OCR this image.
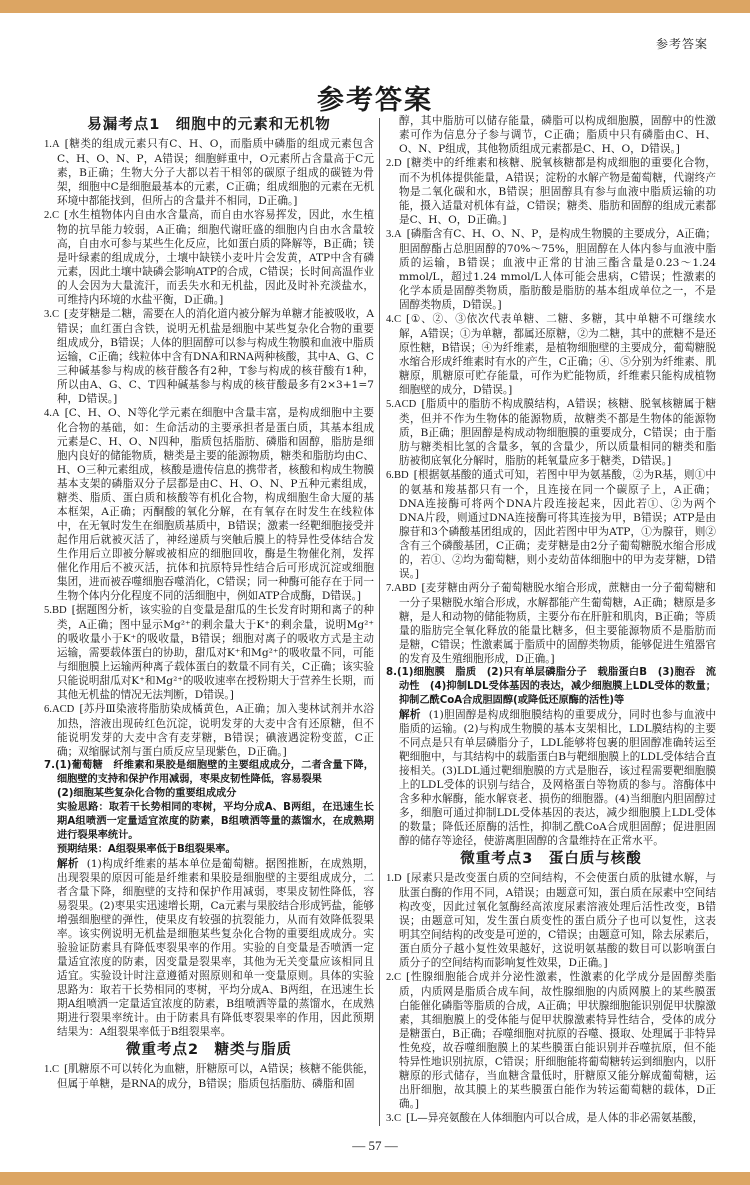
参考答案
参考答案
易漏考点1　细胞中的元素和无机物
1.A [糖类的组成元素只有C、H、O，而脂质中磷脂的组成元素包含C、H、O、N、P，A错误；细胞鲜重中，O元素所占含量高于C元素，B正确；生物大分子大都以若干相邻的碳原子组成的碳链为骨架，细胞中C是细胞最基本的元素，C正确；组成细胞的元素在无机环境中都能找到，但所占的含量并不相同，D正确。]
2.C [水生植物体内自由水含量高，而自由水容易挥发，因此，水生植物的抗旱能力较弱，A正确；细胞代谢旺盛的细胞内自由水含量较高，自由水可参与某些生化反应，比如蛋白质的降解等，B正确；镁是叶绿素的组成成分，土壤中缺镁小麦叶片会发黄，ATP中含有磷元素，因此土壤中缺磷会影响ATP的合成，C错误；长时间高温作业的人会因为大量流汗，而丢失水和无机盐，因此及时补充淡盐水，可维持内环境的水盐平衡，D正确。]
3.C [麦芽糖是二糖，需要在人的消化道内被分解为单糖才能被吸收，A错误；血红蛋白含铁，说明无机盐是细胞中某些复杂化合物的重要组成成分，B错误；人体的胆固醇可以参与构成生物膜和血液中脂质运输，C正确；线粒体中含有DNA和RNA两种核酸，其中A、G、C三种碱基参与构成的核苷酸各有2种，T参与构成的核苷酸有1种，所以由A、G、C、T四种碱基参与构成的核苷酸最多有2×3+1=7种，D错误。]
4.A [C、H、O、N等化学元素在细胞中含量丰富，是构成细胞中主要化合物的基础，如：生命活动的主要承担者是蛋白质，其基本组成元素是C、H、O、N四种，脂质包括脂肪、磷脂和固醇，脂肪是细胞内良好的储能物质，糖类是主要的能源物质，糖类和脂肪均由C、H、O三种元素组成，核酸是遗传信息的携带者，核酸和构成生物膜基本支架的磷脂双分子层都是由C、H、O、N、P五种元素组成，糖类、脂质、蛋白质和核酸等有机化合物，构成细胞生命大厦的基本框架，A正确；丙酮酸的氧化分解，在有氧存在时发生在线粒体中，在无氧时发生在细胞质基质中，B错误；激素一经靶细胞接受并起作用后就被灭活了，神经递质与突触后膜上的特异性受体结合发生作用后立即被分解或被相应的细胞回收，酶是生物催化剂，发挥催化作用后不被灭活，抗体和抗原特异性结合后可形成沉淀或细胞集团，进而被吞噬细胞吞噬消化，C错误；同一种酶可能存在于同一生物个体内分化程度不同的活细胞中，例如ATP合成酶，D错误。]
5.BD [据题图分析，该实验的自变量是甜瓜的生长发育时期和离子的种类，A正确；图中显示Mg²⁺的剩余量大于K⁺的剩余量，说明Mg²⁺的吸收量小于K⁺的吸收量，B错误；细胞对离子的吸收方式是主动运输，需要载体蛋白的协助，甜瓜对K⁺和Mg²⁺的吸收量不同，可能与细胞膜上运输两种离子载体蛋白的数量不同有关，C正确；该实验只能说明甜瓜对K⁺和Mg²⁺的吸收速率在授粉期大于营养生长期，而其他无机盐的情况无法判断，D错误。]
6.ACD [苏丹Ⅲ染液将脂肪染成橘黄色，A正确；加入斐林试剂并水浴加热，溶液出现砖红色沉淀，说明发芽的大麦中含有还原糖，但不能说明发芽的大麦中含有麦芽糖，B错误；碘液遇淀粉变蓝，C正确；双缩脲试剂与蛋白质反应呈现紫色，D正确。]
7.(1)葡萄糖　纤维素和果胶是细胞壁的主要组成成分，二者含量下降，细胞壁的支持和保护作用减弱，枣果皮韧性降低，容易裂果
(2)细胞某些复杂化合物的重要组成成分
实验思路：取若干长势相同的枣树，平均分成A、B两组，在迅速生长期A组喷洒一定量适宜浓度的防素，B组喷洒等量的蒸馏水，在成熟期进行裂果率统计。
预期结果：A组裂果率低于B组裂果率。
解析 (1)构成纤维素的基本单位是葡萄糖。据图推断，在成熟期，出现裂果的原因可能是纤维素和果胶是细胞壁的主要组成成分，二者含量下降，细胞壁的支持和保护作用减弱，枣果皮韧性降低，容易裂果。(2)枣果实迅速增长期，Ca元素与果胶结合形成钙盐，能够增强细胞壁的弹性，使果皮有较强的抗裂能力，从而有效降低裂果率。该实例说明无机盐是细胞某些复杂化合物的重要组成成分。实验验证防素具有降低枣裂果率的作用。实验的自变量是否喷洒一定量适宜浓度的防素，因变量是裂果率，其他为无关变量应该相同且适宜。实验设计时注意遵循对照原则和单一变量原则。具体的实验思路为：取若干长势相同的枣树，平均分成A、B两组，在迅速生长期A组喷洒一定量适宜浓度的防素，B组喷洒等量的蒸馏水，在成熟期进行裂果率统计。由于防素具有降低枣裂果率的作用，因此预期结果为：A组裂果率低于B组裂果率。
微重考点2　糖类与脂质
1.C [肌糖原不可以转化为血糖，肝糖原可以，A错误；核糖不能供能，但属于单糖，是RNA的成分，B错误；脂质包括脂肪、磷脂和固
醇，其中脂肪可以储存能量，磷脂可以构成细胞膜，固醇中的性激素可作为信息分子参与调节，C正确；脂质中只有磷脂由C、H、O、N、P组成，其他物质组成元素都是C、H、O，D错误。]
2.D [糖类中的纤维素和核糖、脱氧核糖都是构成细胞的重要化合物，而不为机体提供能量，A错误；淀粉的水解产物是葡萄糖，代谢终产物是二氧化碳和水，B错误；胆固醇具有参与血液中脂质运输的功能，摄入适量对机体有益，C错误；糖类、脂肪和固醇的组成元素都是C、H、O，D正确。]
3.A [磷脂含有C、H、O、N、P，是构成生物膜的主要成分，A正确；胆固醇酯占总胆固醇的70%～75%，胆固醇在人体内参与血液中脂质的运输，B错误；血液中正常的甘油三酯含量是0.23～1.24 mmol/L，超过1.24 mmol/L人体可能会患病，C错误；性激素的化学本质是固醇类物质，脂肪酸是脂肪的基本组成单位之一，不是固醇类物质，D错误。]
4.C [①、②、③依次代表单糖、二糖、多糖，其中单糖不可继续水解，A错误；①为单糖，都属还原糖，②为二糖，其中的蔗糖不是还原性糖，B错误；④为纤维素，是植物细胞壁的主要成分，葡萄糖脱水缩合形成纤维素时有水的产生，C正确；④、⑤分别为纤维素、肌糖原，肌糖原可贮存能量，可作为贮能物质，纤维素只能构成植物细胞壁的成分，D错误。]
5.ACD [脂质中的脂肪不构成膜结构，A错误；核糖、脱氧核糖属于糖类，但并不作为生物体的能源物质，故糖类不都是生物体的能源物质，B正确；胆固醇是构成动物细胞膜的重要成分，C错误；由于脂肪与糖类相比氢的含量多，氧的含量少，所以质量相同的糖类和脂肪被彻底氧化分解时，脂肪的耗氧量应多于糖类，D错误。]
6.BD [根据氨基酸的通式可知，若图中甲为氨基酸，②为R基，则①中的氨基和羧基都只有一个，且连接在同一个碳原子上，A正确；DNA连接酶可将两个DNA片段连接起来，因此若①、②为两个DNA片段，则通过DNA连接酶可将其连接为甲，B错误；ATP是由腺苷和3个磷酸基团组成的，因此若图中甲为ATP，①为腺苷，则②含有三个磷酸基团，C正确；麦芽糖是由2分子葡萄糖脱水缩合形成的，若①、②均为葡萄糖，则小麦幼苗体细胞中的甲为麦芽糖，D错误。]
7.ABD [麦芽糖由两分子葡萄糖脱水缩合形成，蔗糖由一分子葡萄糖和一分子果糖脱水缩合形成，水解都能产生葡萄糖，A正确；糖原是多糖，是人和动物的储能物质，主要分布在肝脏和肌肉，B正确；等质量的脂肪完全氧化释放的能量比糖多，但主要能源物质不是脂肪而是糖，C错误；性激素属于脂质中的固醇类物质，能够促进生殖器官的发育及生殖细胞形成，D正确。]
8.(1)细胞膜　脂质　(2)只有单层磷脂分子　载脂蛋白B　(3)胞吞　流动性　(4)抑制LDL受体基因的表达，减少细胞膜上LDL受体的数量；抑制乙酰CoA合成胆固醇(或降低还原酶的活性)等
解析 (1)胆固醇是构成细胞膜结构的重要成分，同时也参与血液中脂质的运输。(2)与构成生物膜的基本支架相比，LDL膜结构的主要不同点是只有单层磷脂分子，LDL能够将包裹的胆固醇准确转运至靶细胞中，与其结构中的载脂蛋白B与靶细胞膜上的LDL受体结合直接相关。(3)LDL通过靶细胞膜的方式是胞吞，该过程需要靶细胞膜上的LDL受体的识别与结合，及网格蛋白等物质的参与。溶酶体中含多种水解酶，能水解衰老、损伤的细胞器。(4)当细胞内胆固醇过多，细胞可通过抑制LDL受体基因的表达，减少细胞膜上LDL受体的数量；降低还原酶的活性，抑制乙酰CoA合成胆固醇；促进胆固醇的储存等途径，使游离胆固醇的含量维持在正常水平。
微重考点3　蛋白质与核酸
1.D [尿素只是改变蛋白质的空间结构，不会使蛋白质的肽键水解，与肽蛋白酶的作用不同，A错误；由题意可知，蛋白质在尿素中空间结构改变，因此过氧化氢酶经高浓度尿素溶液处理后活性改变，B错误；由题意可知，发生蛋白质变性的蛋白质分子也可以复性，这表明其空间结构的改变是可逆的，C错误；由题意可知，除去尿素后，蛋白质分子越小复性效果越好，这说明氨基酸的数目可以影响蛋白质分子的空间结构而影响复性效果，D正确。]
2.C [性腺细胞能合成并分泌性激素，性激素的化学成分是固醇类脂质，内质网是脂质合成车间，故性腺细胞的内质网膜上的某些膜蛋白能催化磷脂等脂质的合成，A正确；甲状腺细胞能识别促甲状腺激素，其细胞膜上的受体能与促甲状腺激素特异性结合，受体的成分是糖蛋白，B正确；吞噬细胞对抗原的吞噬、摄取、处理属于非特异性免疫，故吞噬细胞膜上的某些膜蛋白能识别并吞噬抗原，但不能特异性地识别抗原，C错误；肝细胞能将葡萄糖转运到细胞内，以肝糖原的形式储存，当血糖含量低时，肝糖原又能分解成葡萄糖，运出肝细胞，故其膜上的某些膜蛋白能作为转运葡萄糖的载体，D正确。]
3.C [L—异亮氨酸在人体细胞内可以合成，是人体的非必需氨基酸，
— 57 —
